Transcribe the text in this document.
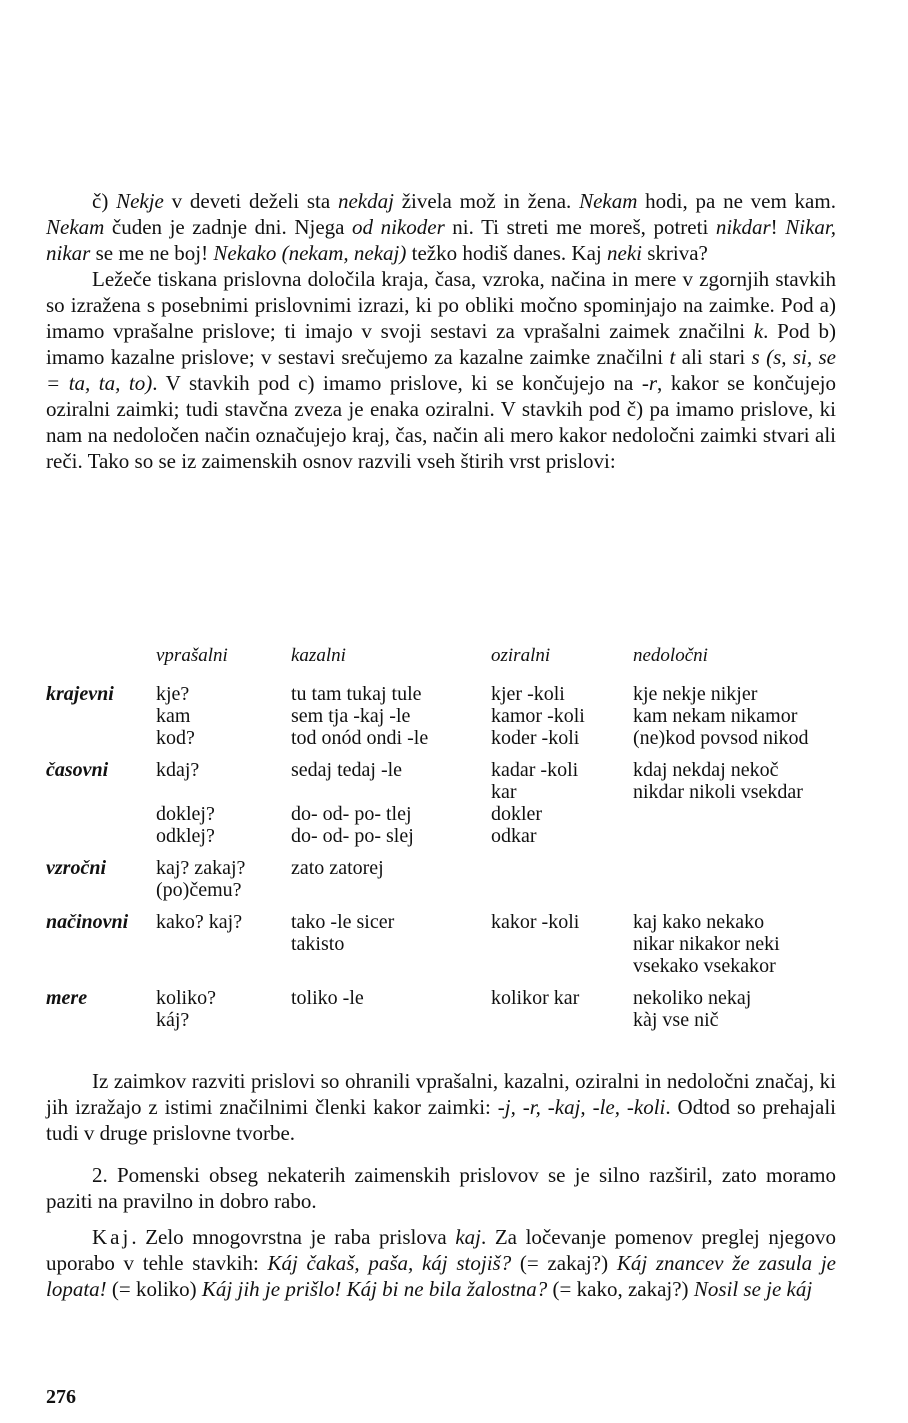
č) Nekje v deveti deželi sta nekdaj živela mož in žena. Nekam hodi, pa ne vem kam. Nekam čuden je zadnje dni. Njega od nikoder ni. Ti streti me moreš, potreti nikdar! Nikar, nikar se me ne boj! Nekako (nekam, nekaj) težko hodiš danes. Kaj neki skriva?

Ležeče tiskana prislovna določila kraja, časa, vzroka, načina in mere v zgornjih stavkih so izražena s posebnimi prislovnimi izrazi, ki po obliki močno spominjajo na zaimke. Pod a) imamo vprašalne prislove; ti imajo v svoji sestavi za vprašalni zaimek značilni k. Pod b) imamo kazalne prislove; v sestavi srečujemo za kazalne zaimke značilni t ali stari s (s, si, se = ta, ta, to). V stavkih pod c) imamo prislove, ki se končujejo na -r, kakor se končujejo oziralni zaimki; tudi stavčna zveza je enaka oziralni. V stavkih pod č) pa imamo prislove, ki nam na nedoločen način označujejo kraj, čas, način ali mero kakor nedoločni zaimki stvari ali reči. Tako so se iz zaimenskih osnov razvili vseh štirih vrst prislovi:

	vprašalni	kazalni	oziralni	nedoločni
krajevni	kje?	tu tam tukaj tule	kjer -koli	kje nekje nikjer
	kam	sem tja -kaj -le	kamor -koli	kam nekam nikamor
	kod?	tod onód ondi -le	koder -koli	(ne)kod povsod nikod
časovni	kdaj?	sedaj tedaj -le	kadar -koli	kdaj nekdaj nekoč
			kar	nikdar nikoli vsekdar
	doklej?	do- od- po- tlej	dokler	
	odklej?	do- od- po- slej	odkar	
vzročni	kaj? zakaj?	zato zatorej		
	(po)čemu?			
načinovni	kako? kaj?	tako -le sicer	kakor -koli	kaj kako nekako
		takisto		nikar nikakor neki
				vsekako vsekakor
mere	koliko?	toliko -le	kolikor kar	nekoliko nekaj
	káj?			kàj vse nič

Iz zaimkov razviti prislovi so ohranili vprašalni, kazalni, oziralni in nedoločni značaj, ki jih izražajo z istimi značilnimi členki kakor zaimki: -j, -r, -kaj, -le, -koli. Odtod so prehajali tudi v druge prislovne tvorbe.

2. Pomenski obseg nekaterih zaimenskih prislovov se je silno razširil, zato moramo paziti na pravilno in dobro rabo.

Kaj. Zelo mnogovrstna je raba prislova kaj. Za ločevanje pomenov preglej njegovo uporabo v tehle stavkih: Káj čakaš, paša, káj stojiš? (= zakaj?) Káj znancev že zasula je lopata! (= koliko) Káj jih je prišlo! Káj bi ne bila žalostna? (= kako, zakaj?) Nosil se je káj

276
